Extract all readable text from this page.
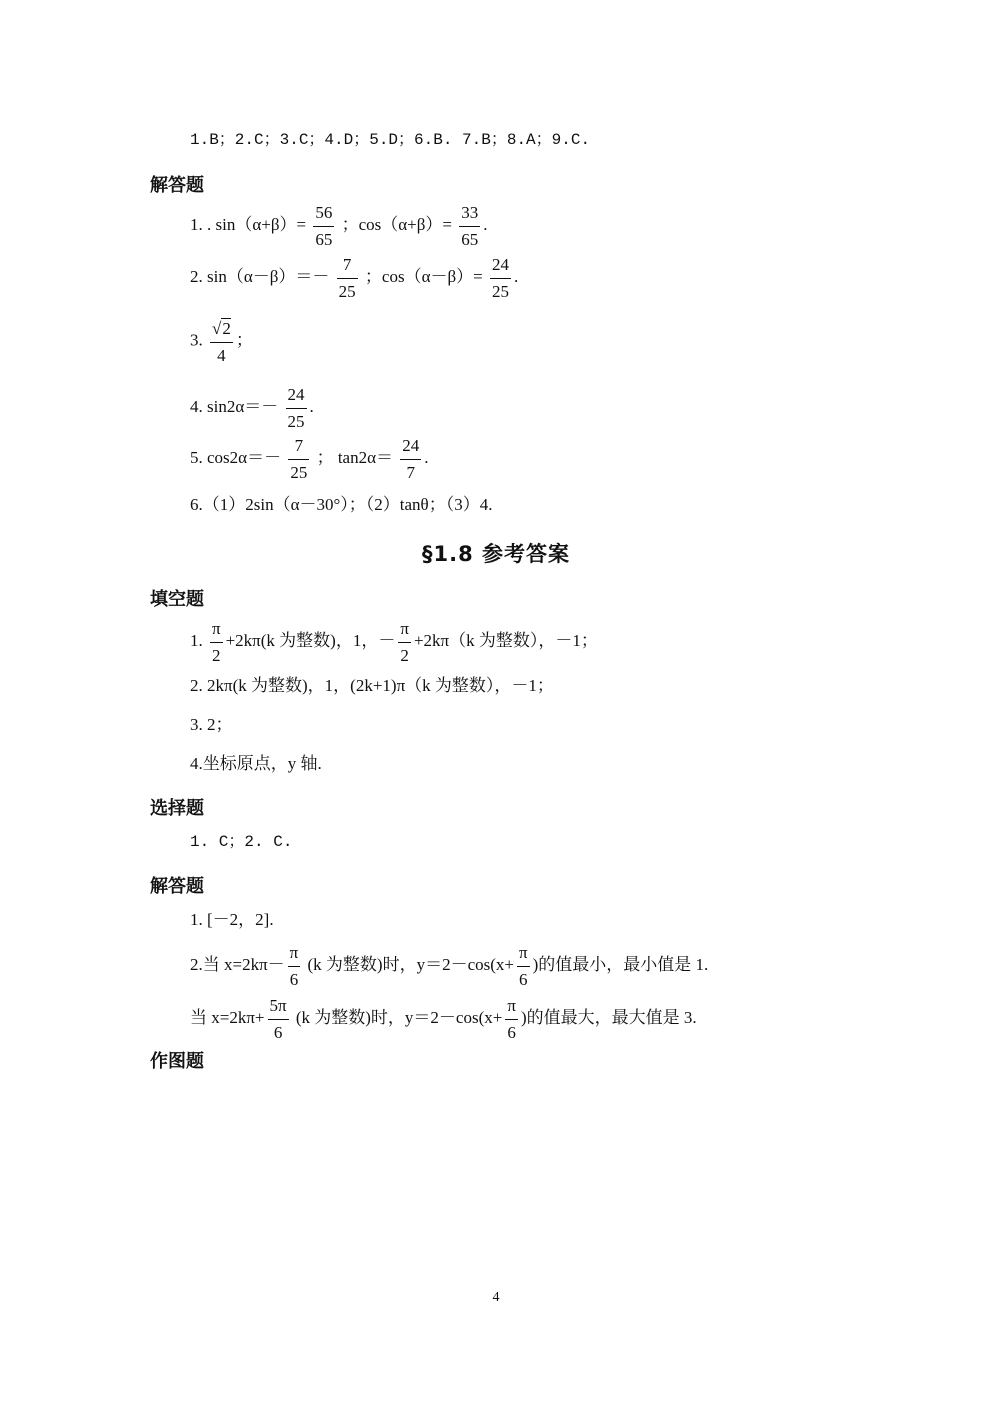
1.B；2.C；3.C；4.D；5.D；6.B. 7.B；8.A；9.C.
解答题
1. . $\sin(\alpha+\beta)= \frac{56}{65}$ ；$\cos(\alpha+\beta)= \frac{33}{65}$ .
2. $\sin(\alpha-\beta)=- \frac{7}{25}$ ；$\cos(\alpha-\beta)= \frac{24}{25}$ .
3. $\frac{√2}{4}$ ；
4. $\sin 2\alpha=- \frac{24}{25}$ .
5. $\cos 2\alpha=- \frac{7}{25}$ ； $\tan 2\alpha= \frac{24}{7}$ .
6.（1）2sin（α－30°）；（2）tanθ；（3）4.
§1.8 参考答案
填空题
1. $\frac{\pi}{2} +2k\pi(k$ 为整数)，1，－ $\frac{\pi}{2} +2k\pi(k$ 为整数），－1；
2. 2kπ(k 为整数)，1，(2k+1)π（k 为整数），－1；
3. 2；
4.坐标原点，y 轴.
选择题
1. C；2. C.
解答题
1. [－2，2].
2.当 $x=2k\pi- \frac{\pi}{6} (k$ 为整数)时，$y=2-\cos(x+ \frac{\pi}{6}$ )的值最小，最小值是 1.
当 $x=2k\pi+ \frac{5\pi}{6} (k$ 为整数)时，$y=2-\cos(x+ \frac{\pi}{6}$ )的值最大，最大值是 3.
作图题
4
